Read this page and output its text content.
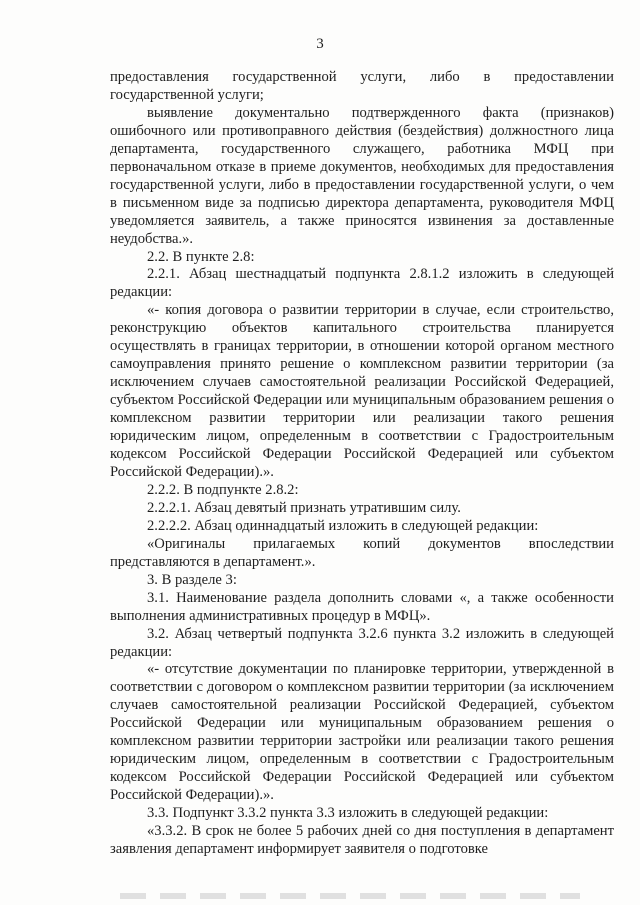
3

предоставления государственной услуги, либо в предоставлении государственной услуги;

выявление документально подтвержденного факта (признаков) ошибочного или противоправного действия (бездействия) должностного лица департамента, государственного служащего, работника МФЦ при первоначальном отказе в приеме документов, необходимых для предоставления государственной услуги, либо в предоставлении государственной услуги, о чем в письменном виде за подписью директора департамента, руководителя МФЦ уведомляется заявитель, а также приносятся извинения за доставленные неудобства.».

2.2. В пункте 2.8:

2.2.1. Абзац шестнадцатый подпункта 2.8.1.2 изложить в следующей редакции:

«- копия договора о развитии территории в случае, если строительство, реконструкцию объектов капитального строительства планируется осуществлять в границах территории, в отношении которой органом местного самоуправления принято решение о комплексном развитии территории (за исключением случаев самостоятельной реализации Российской Федерацией, субъектом Российской Федерации или муниципальным образованием решения о комплексном развитии территории или реализации такого решения юридическим лицом, определенным в соответствии с Градостроительным кодексом Российской Федерации Российской Федерацией или субъектом Российской Федерации).».

2.2.2. В подпункте 2.8.2:

2.2.2.1. Абзац девятый признать утратившим силу.

2.2.2.2. Абзац одиннадцатый изложить в следующей редакции:

«Оригиналы прилагаемых копий документов впоследствии представляются в департамент.».

3. В разделе 3:

3.1. Наименование раздела дополнить словами «, а также особенности выполнения административных процедур в МФЦ».

3.2. Абзац четвертый подпункта 3.2.6 пункта 3.2 изложить в следующей редакции:

«- отсутствие документации по планировке территории, утвержденной в соответствии с договором о комплексном развитии территории (за исключением случаев самостоятельной реализации Российской Федерацией, субъектом Российской Федерации или муниципальным образованием решения о комплексном развитии территории застройки или реализации такого решения юридическим лицом, определенным в соответствии с Градостроительным кодексом Российской Федерации Российской Федерацией или субъектом Российской Федерации).».

3.3. Подпункт 3.3.2 пункта 3.3 изложить в следующей редакции:

«3.3.2. В срок не более 5 рабочих дней со дня поступления в департамент заявления департамент информирует заявителя о подготовке
